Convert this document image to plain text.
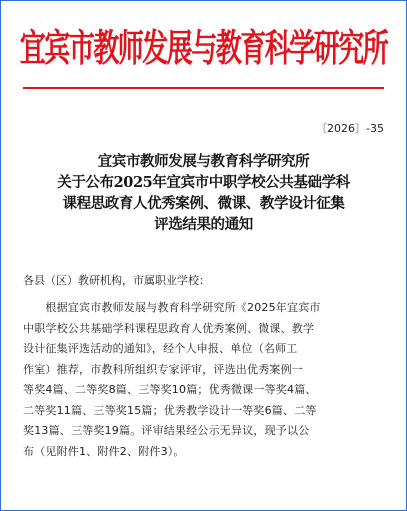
宜宾市教师发展与教育科学研究所
〔2026〕-35
宜宾市教师发展与教育科学研究所
关于公布2025年宜宾市中职学校公共基础学科
课程思政育人优秀案例、微课、教学设计征集
评选结果的通知
各县（区）教研机构，市属职业学校：
　　根据宜宾市教师发展与教育科学研究所《2025年宜宾市
中职学校公共基础学科课程思政育人优秀案例、微课、教学
设计征集评选活动的通知》，经个人申报、单位（名师工
作室）推荐，市教科所组织专家评审，评选出优秀案例一
等奖4篇、二等奖8篇、三等奖10篇；优秀微课一等奖4篇、
二等奖11篇、三等奖15篇；优秀教学设计一等奖6篇、二等
奖13篇、三等奖19篇。评审结果经公示无异议，现予以公
布（见附件1、附件2、附件3）。
